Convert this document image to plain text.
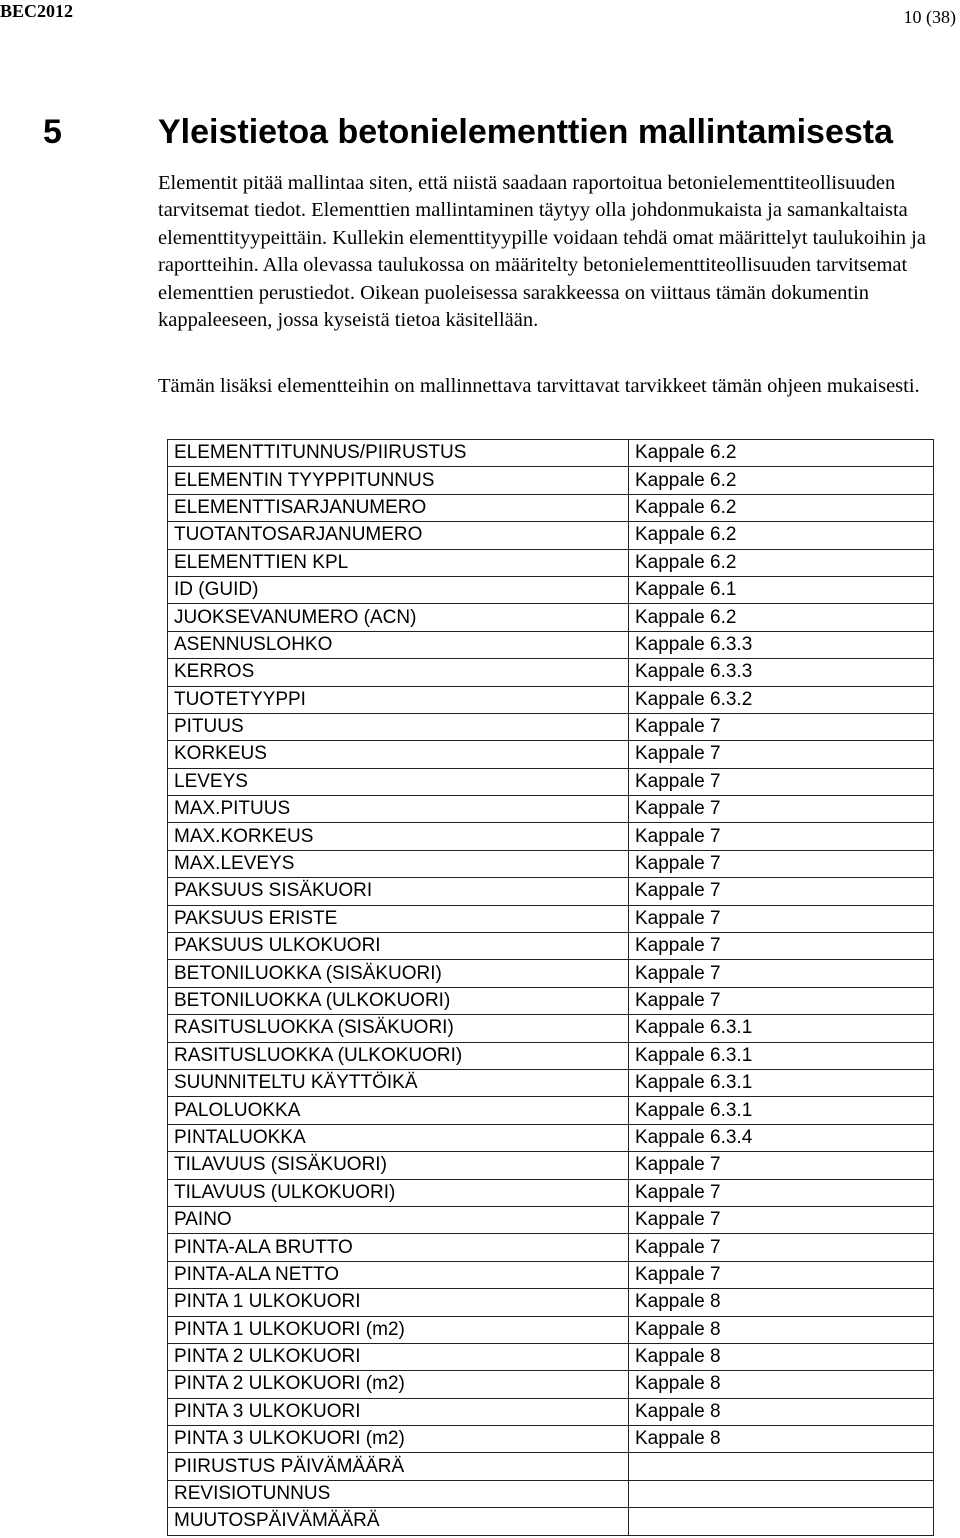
BEC2012	10 (38)
5	Yleistietoa betonielementtien mallintamisesta

Elementit pitää mallintaa siten, että niistä saadaan raportoitua betonielementtiteollisuuden tarvitsemat tiedot. Elementtien mallintaminen täytyy olla johdonmukaista ja samankaltaista elementtityypeittäin. Kullekin elementtityypille voidaan tehdä omat määrittelyt taulukoihin ja raportteihin. Alla olevassa taulukossa on määritelty betonielementtiteollisuuden tarvitsemat elementtien perustiedot. Oikean puoleisessa sarakkeessa on viittaus tämän dokumentin kappaleeseen, jossa kyseistä tietoa käsitellään.

Tämän lisäksi elementteihin on mallinnettava tarvittavat tarvikkeet tämän ohjeen mukaisesti.

ELEMENTTITUNNUS/PIIRUSTUS	Kappale 6.2
ELEMENTIN TYYPPITUNNUS	Kappale 6.2
ELEMENTTISARJANUMERO	Kappale 6.2
TUOTANTOSARJANUMERO	Kappale 6.2
ELEMENTTIEN KPL	Kappale 6.2
ID (GUID)	Kappale 6.1
JUOKSEVANUMERO (ACN)	Kappale 6.2
ASENNUSLOHKO	Kappale 6.3.3
KERROS	Kappale 6.3.3
TUOTETYYPPI	Kappale 6.3.2
PITUUS	Kappale 7
KORKEUS	Kappale 7
LEVEYS	Kappale 7
MAX.PITUUS	Kappale 7
MAX.KORKEUS	Kappale 7
MAX.LEVEYS	Kappale 7
PAKSUUS SISÄKUORI	Kappale 7
PAKSUUS ERISTE	Kappale 7
PAKSUUS ULKOKUORI	Kappale 7
BETONILUOKKA (SISÄKUORI)	Kappale 7
BETONILUOKKA (ULKOKUORI)	Kappale 7
RASITUSLUOKKA (SISÄKUORI)	Kappale 6.3.1
RASITUSLUOKKA (ULKOKUORI)	Kappale 6.3.1
SUUNNITELTU KÄYTTÖIKÄ	Kappale 6.3.1
PALOLUOKKA	Kappale 6.3.1
PINTALUOKKA	Kappale 6.3.4
TILAVUUS (SISÄKUORI)	Kappale 7
TILAVUUS (ULKOKUORI)	Kappale 7
PAINO	Kappale 7
PINTA-ALA BRUTTO	Kappale 7
PINTA-ALA NETTO	Kappale 7
PINTA 1 ULKOKUORI	Kappale 8
PINTA 1 ULKOKUORI (m2)	Kappale 8
PINTA 2 ULKOKUORI	Kappale 8
PINTA 2 ULKOKUORI (m2)	Kappale 8
PINTA 3 ULKOKUORI	Kappale 8
PINTA 3 ULKOKUORI (m2)	Kappale 8
PIIRUSTUS PÄIVÄMÄÄRÄ	
REVISIOTUNNUS	
MUUTOSPÄIVÄMÄÄRÄ	
